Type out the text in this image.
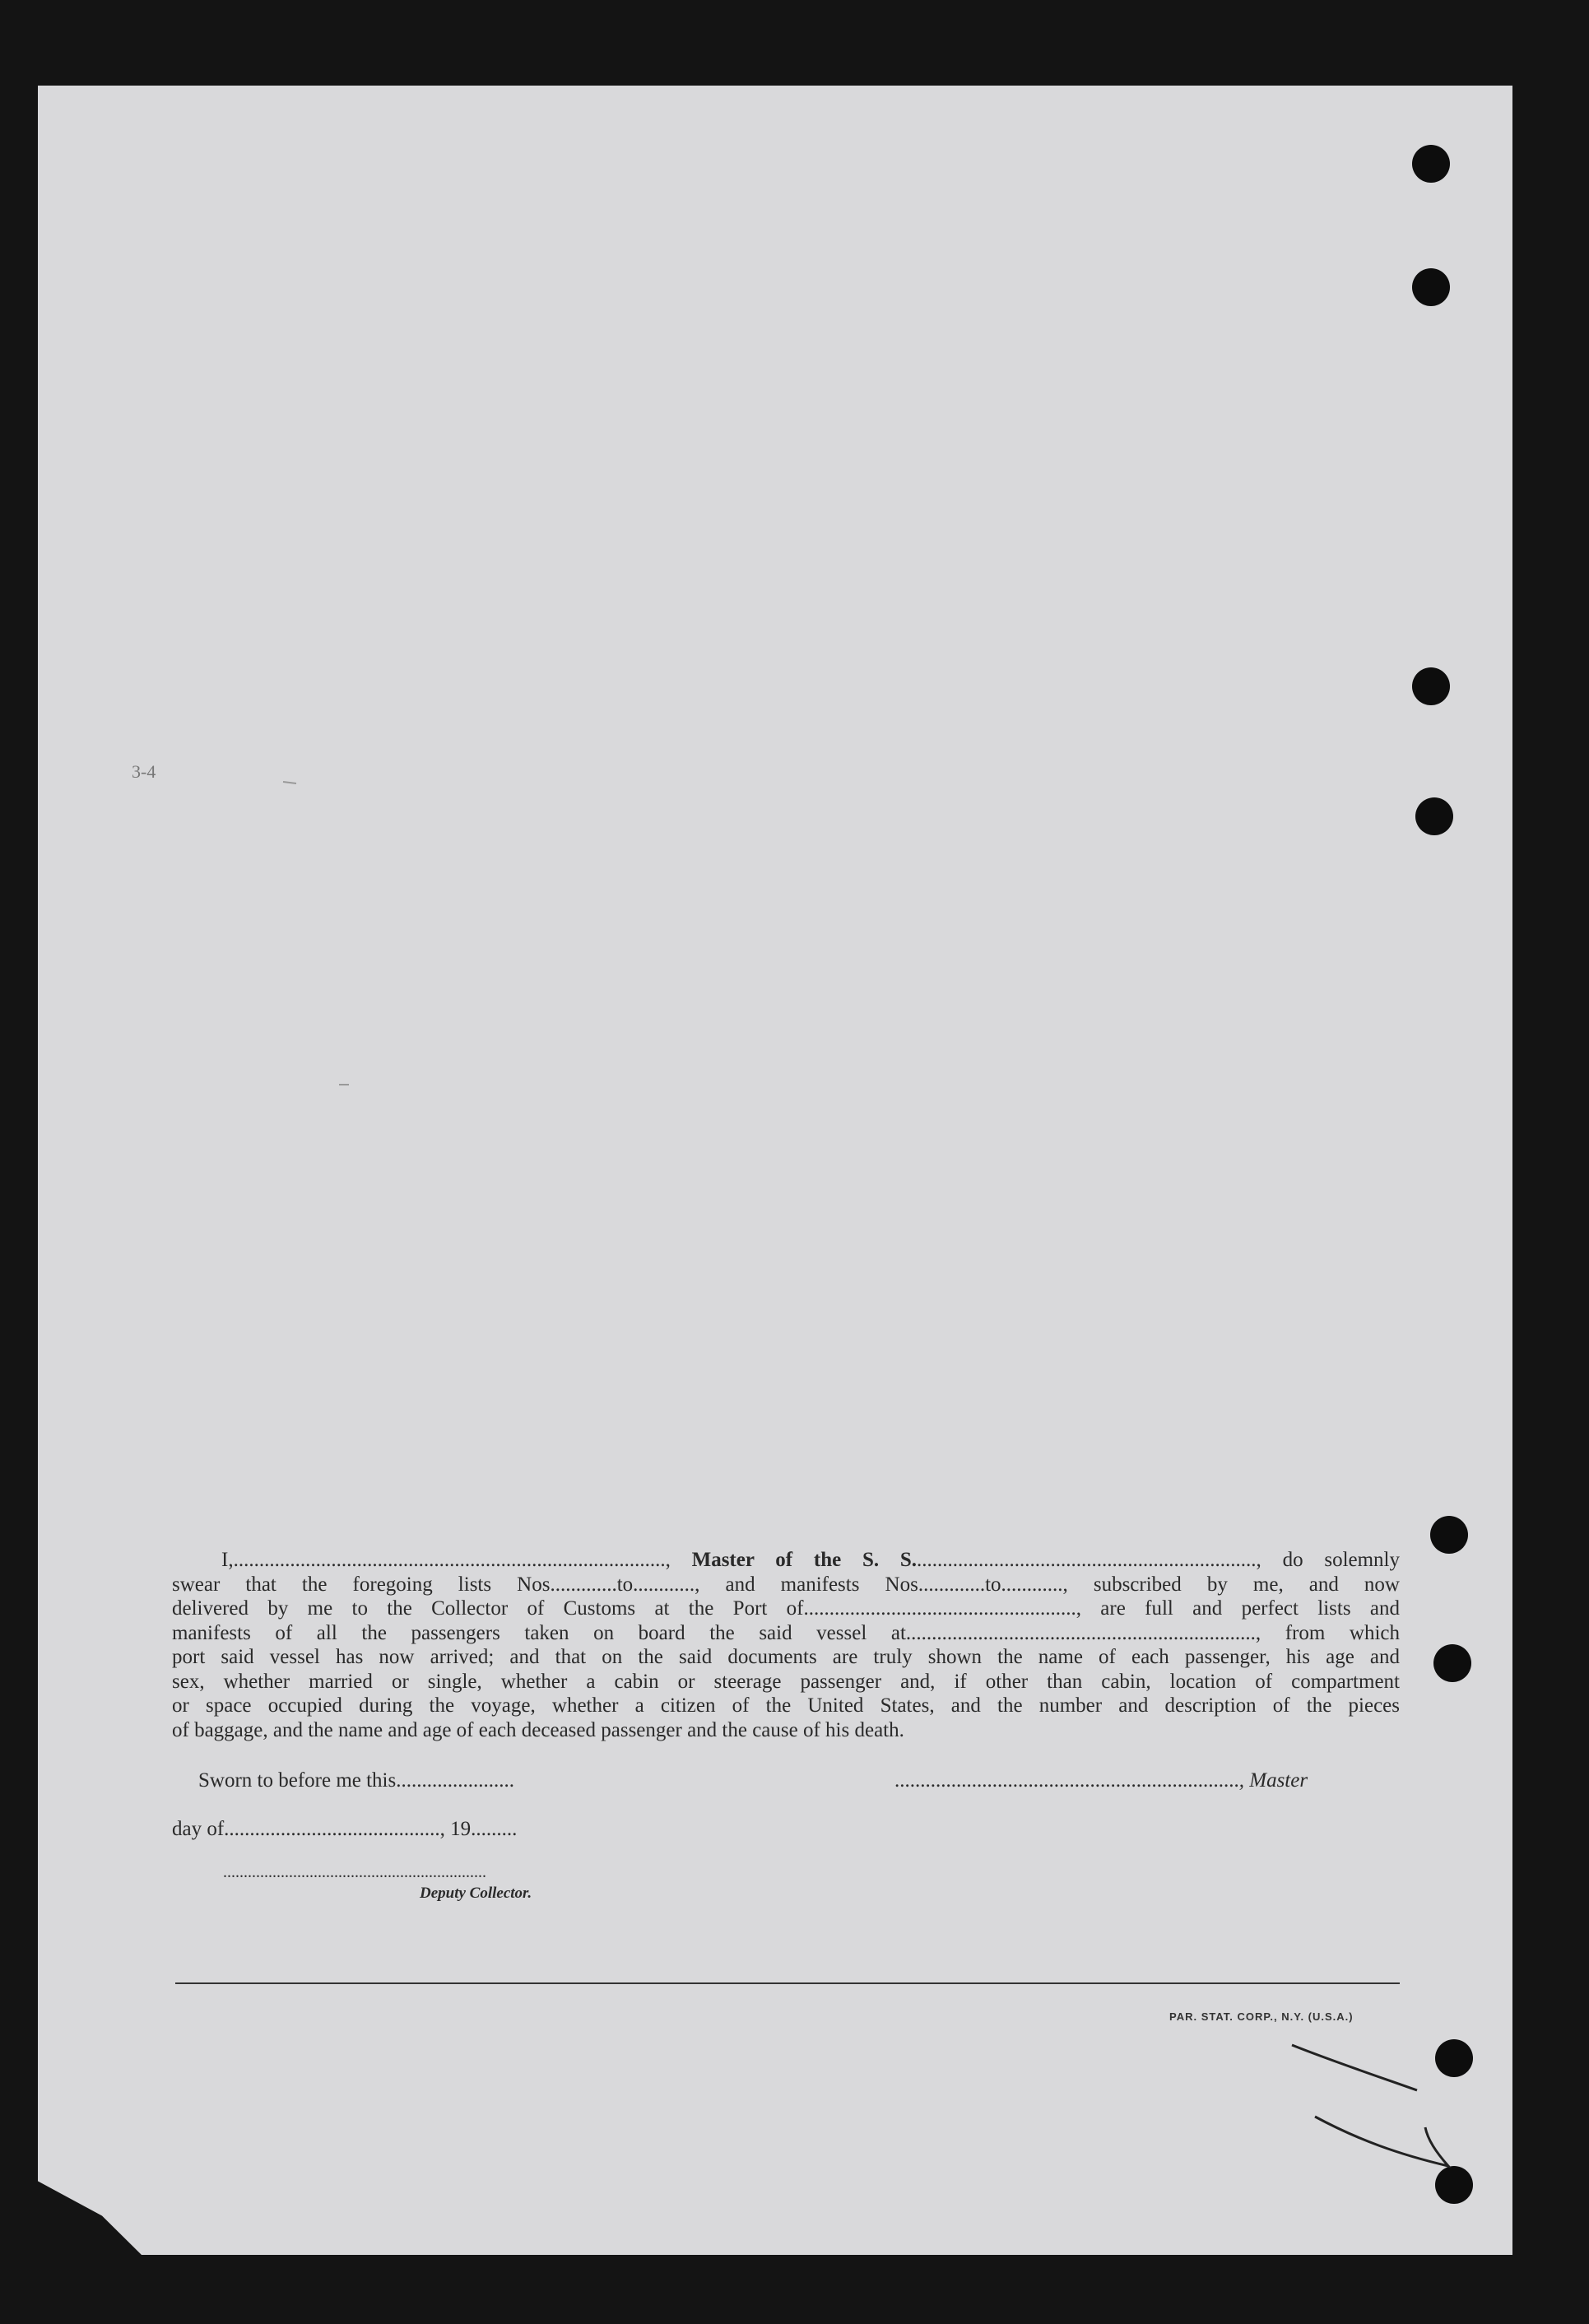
3-4

I,...................................................................................., Master of the S. S..................................................................., do solemnly

swear that the foregoing lists Nos.............to............, and manifests Nos.............to............, subscribed by me, and now

delivered by me to the Collector of Customs at the Port of....................................................., are full and perfect lists and

manifests of all the passengers taken on board the said vessel at...................................................................., from which

port said vessel has now arrived; and that on the said documents are truly shown the name of each passenger, his age and

sex, whether married or single, whether a cabin or steerage passenger and, if other than cabin, location of compartment

or space occupied during the voyage, whether a citizen of the United States, and the number and description of the pieces

of baggage, and the name and age of each deceased passenger and the cause of his death.

Sworn to before me this.......................	..................................................................., Master
day of.........................................., 19.........
................................................................
Deputy Collector.
PAR. STAT. CORP., N.Y. (U.S.A.)
